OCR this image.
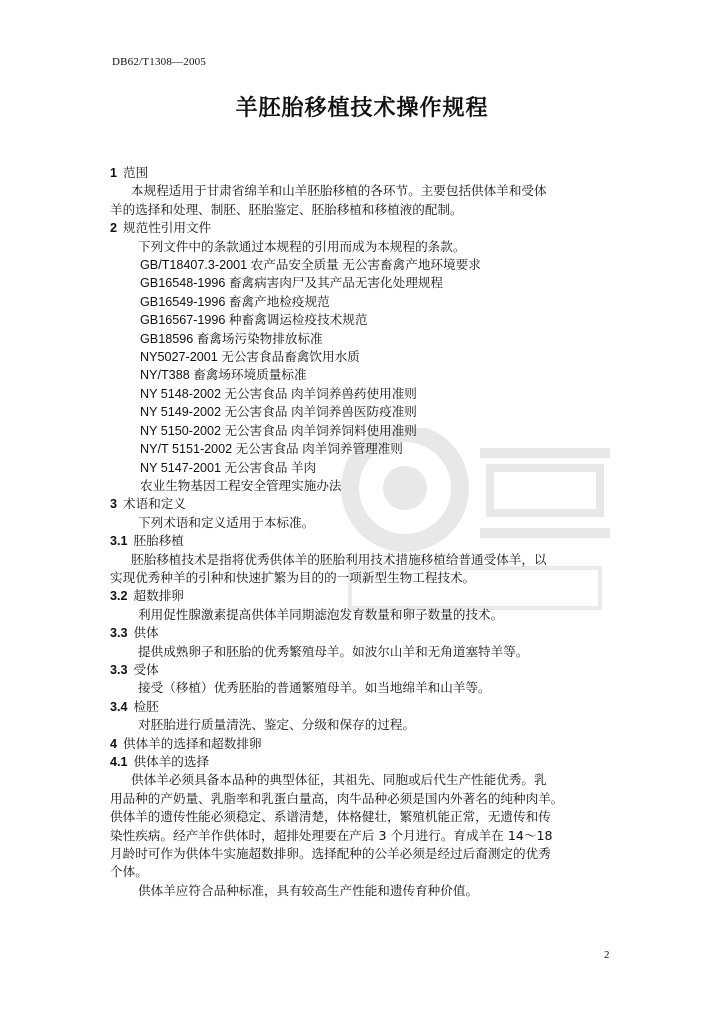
DB62/T1308—2005
羊胚胎移植技术操作规程
1 范围
本规程适用于甘肃省绵羊和山羊胚胎移植的各环节。主要包括供体羊和受体
羊的选择和处理、制胚、胚胎鉴定、胚胎移植和移植液的配制。
2 规范性引用文件
下列文件中的条款通过本规程的引用而成为本规程的条款。
GB/T18407.3-2001 农产品安全质量 无公害畜禽产地环境要求
GB16548-1996 畜禽病害肉尸及其产品无害化处理规程
GB16549-1996 畜禽产地检疫规范
GB16567-1996 种畜禽调运检疫技术规范
GB18596 畜禽场污染物排放标准
NY5027-2001 无公害食品畜禽饮用水质
NY/T388 畜禽场环境质量标准
NY 5148-2002 无公害食品 肉羊饲养兽药使用准则
NY 5149-2002 无公害食品 肉羊饲养兽医防疫准则
NY 5150-2002 无公害食品 肉羊饲养饲料使用准则
NY/T 5151-2002 无公害食品 肉羊饲养管理准则
NY 5147-2001 无公害食品 羊肉
农业生物基因工程安全管理实施办法
3 术语和定义
下列术语和定义适用于本标准。
3.1 胚胎移植
胚胎移植技术是指将优秀供体羊的胚胎利用技术措施移植给普通受体羊，以
实现优秀种羊的引种和快速扩繁为目的的一项新型生物工程技术。
3.2 超数排卵
利用促性腺激素提高供体羊同期滤泡发育数量和卵子数量的技术。
3.3 供体
提供成熟卵子和胚胎的优秀繁殖母羊。如波尔山羊和无角道塞特羊等。
3.3 受体
接受（移植）优秀胚胎的普通繁殖母羊。如当地绵羊和山羊等。
3.4 检胚
对胚胎进行质量清洗、鉴定、分级和保存的过程。
4 供体羊的选择和超数排卵
4.1 供体羊的选择
供体羊必须具备本品种的典型体征，其祖先、同胞或后代生产性能优秀。乳
用品种的产奶量、乳脂率和乳蛋白量高，肉牛品种必须是国内外著名的纯种肉羊。
供体羊的遗传性能必须稳定、系谱清楚，体格健壮，繁殖机能正常，无遗传和传
染性疾病。经产羊作供体时，超排处理要在产后 3 个月进行。育成羊在 14～18
月龄时可作为供体牛实施超数排卵。选择配种的公羊必须是经过后裔测定的优秀
个体。
供体羊应符合品种标准，具有较高生产性能和遗传育种价值。
2
